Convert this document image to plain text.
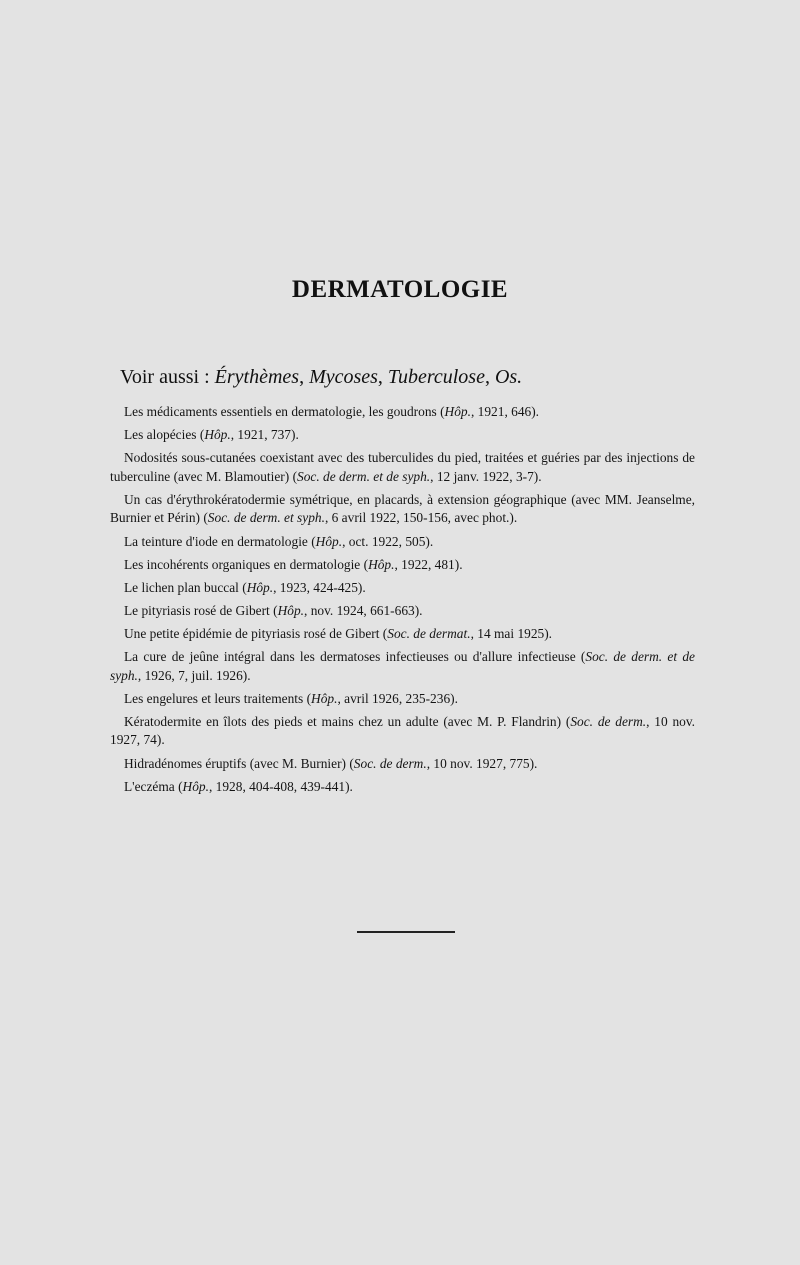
DERMATOLOGIE
Voir aussi : Érythèmes, Mycoses, Tuberculose, Os.

Les médicaments essentiels en dermatologie, les goudrons (Hôp., 1921, 646).

Les alopécies (Hôp., 1921, 737).

Nodosités sous-cutanées coexistant avec des tuberculides du pied, traitées et guéries par des injections de tuberculine (avec M. Blamoutier) (Soc. de derm. et de syph., 12 janv. 1922, 3-7).

Un cas d'érythrokératodermie symétrique, en placards, à extension géographique (avec MM. Jeanselme, Burnier et Périn) (Soc. de derm. et syph., 6 avril 1922, 150-156, avec phot.).

La teinture d'iode en dermatologie (Hôp., oct. 1922, 505).

Les incohérents organiques en dermatologie (Hôp., 1922, 481).

Le lichen plan buccal (Hôp., 1923, 424-425).

Le pityriasis rosé de Gibert (Hôp., nov. 1924, 661-663).

Une petite épidémie de pityriasis rosé de Gibert (Soc. de dermat., 14 mai 1925).

La cure de jeûne intégral dans les dermatoses infectieuses ou d'allure infectieuse (Soc. de derm. et de syph., 1926, 7, juil. 1926).

Les engelures et leurs traitements (Hôp., avril 1926, 235-236).

Kératodermite en îlots des pieds et mains chez un adulte (avec M. P. Flandrin) (Soc. de derm., 10 nov. 1927, 74).

Hidradénomes éruptifs (avec M. Burnier) (Soc. de derm., 10 nov. 1927, 775).

L'eczéma (Hôp., 1928, 404-408, 439-441).
